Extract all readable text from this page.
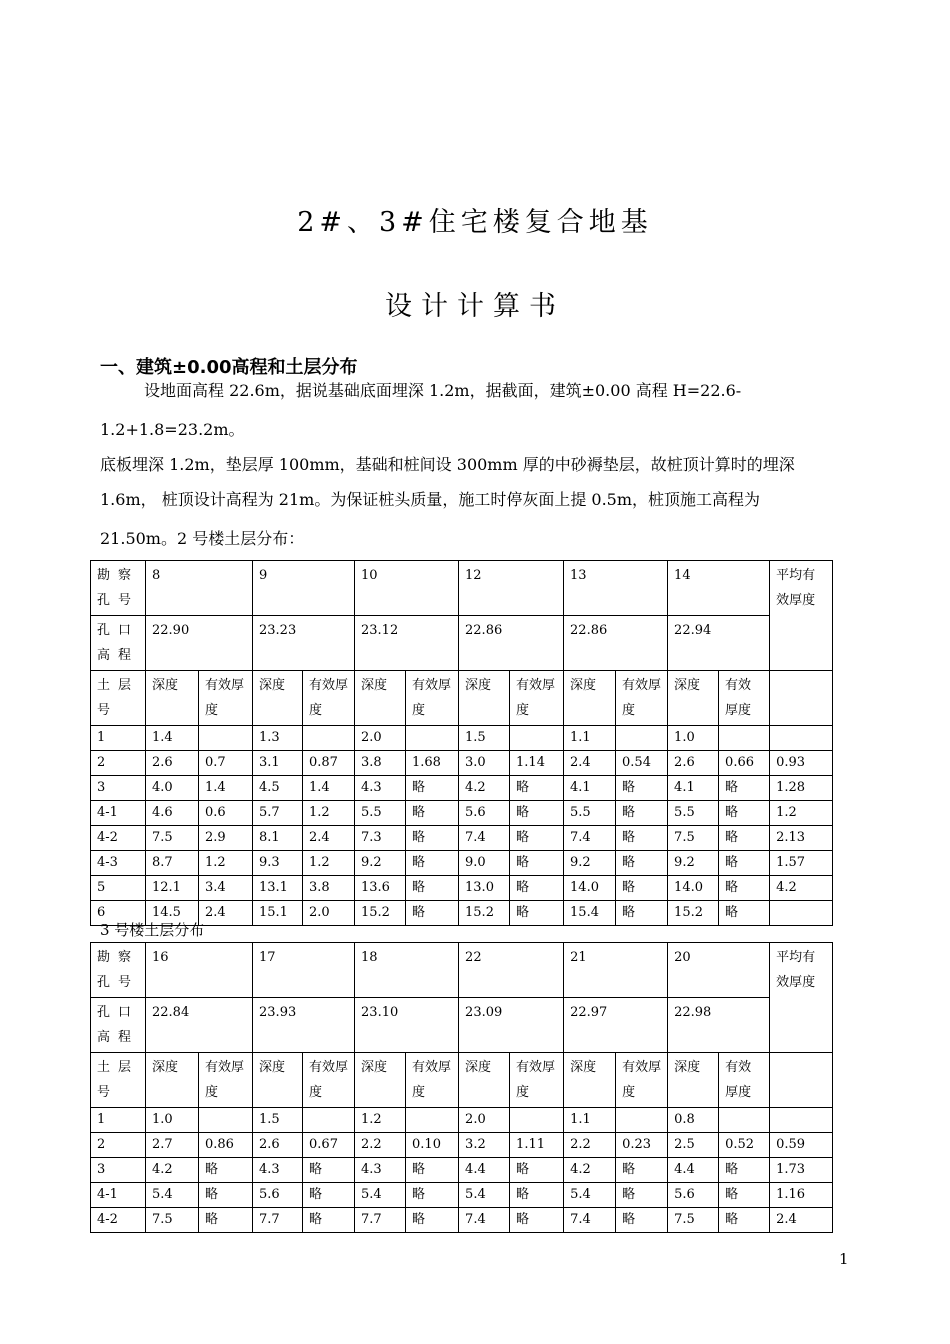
2#、3#住宅楼复合地基
设计计算书
一、建筑±0.00高程和土层分布
设地面高程 22.6m，据说基础底面埋深 1.2m，据截面，建筑±0.00 高程 H=22.6-
1.2+1.8=23.2m。
底板埋深 1.2m，垫层厚 100mm，基础和桩间设 300mm 厚的中砂褥垫层，故桩顶计算时的埋深
1.6m， 桩顶设计高程为 21m。为保证桩头质量，施工时停灰面上提 0.5m，桩顶施工高程为
21.50m。2 号楼土层分布：
勘察孔号	8		9		10		12		13		14		平均有效厚度
孔口高程	22.90		23.23		23.12		22.86		22.86		22.94		
土层号	深度	有效厚度	深度	有效厚度	深度	有效厚度	深度	有效厚度	深度	有效厚度	深度	有效厚度	
1	1.4		1.3		2.0		1.5		1.1		1.0		
2	2.6	0.7	3.1	0.87	3.8	1.68	3.0	1.14	2.4	0.54	2.6	0.66	0.93
3	4.0	1.4	4.5	1.4	4.3	略	4.2	略	4.1	略	4.1	略	1.28
4-1	4.6	0.6	5.7	1.2	5.5	略	5.6	略	5.5	略	5.5	略	1.2
4-2	7.5	2.9	8.1	2.4	7.3	略	7.4	略	7.4	略	7.5	略	2.13
4-3	8.7	1.2	9.3	1.2	9.2	略	9.0	略	9.2	略	9.2	略	1.57
5	12.1	3.4	13.1	3.8	13.6	略	13.0	略	14.0	略	14.0	略	4.2
6	14.5	2.4	15.1	2.0	15.2	略	15.2	略	15.4	略	15.2	略	
3 号楼土层分布
勘察孔号	16		17		18		22		21		20		平均有效厚度
孔口高程	22.84		23.93		23.10		23.09		22.97		22.98		
土层号	深度	有效厚度	深度	有效厚度	深度	有效厚度	深度	有效厚度	深度	有效厚度	深度	有效厚度	
1	1.0		1.5		1.2		2.0		1.1		0.8		
2	2.7	0.86	2.6	0.67	2.2	0.10	3.2	1.11	2.2	0.23	2.5	0.52	0.59
3	4.2	略	4.3	略	4.3	略	4.4	略	4.2	略	4.4	略	1.73
4-1	5.4	略	5.6	略	5.4	略	5.4	略	5.4	略	5.6	略	1.16
4-2	7.5	略	7.7	略	7.7	略	7.4	略	7.4	略	7.5	略	2.4
1
